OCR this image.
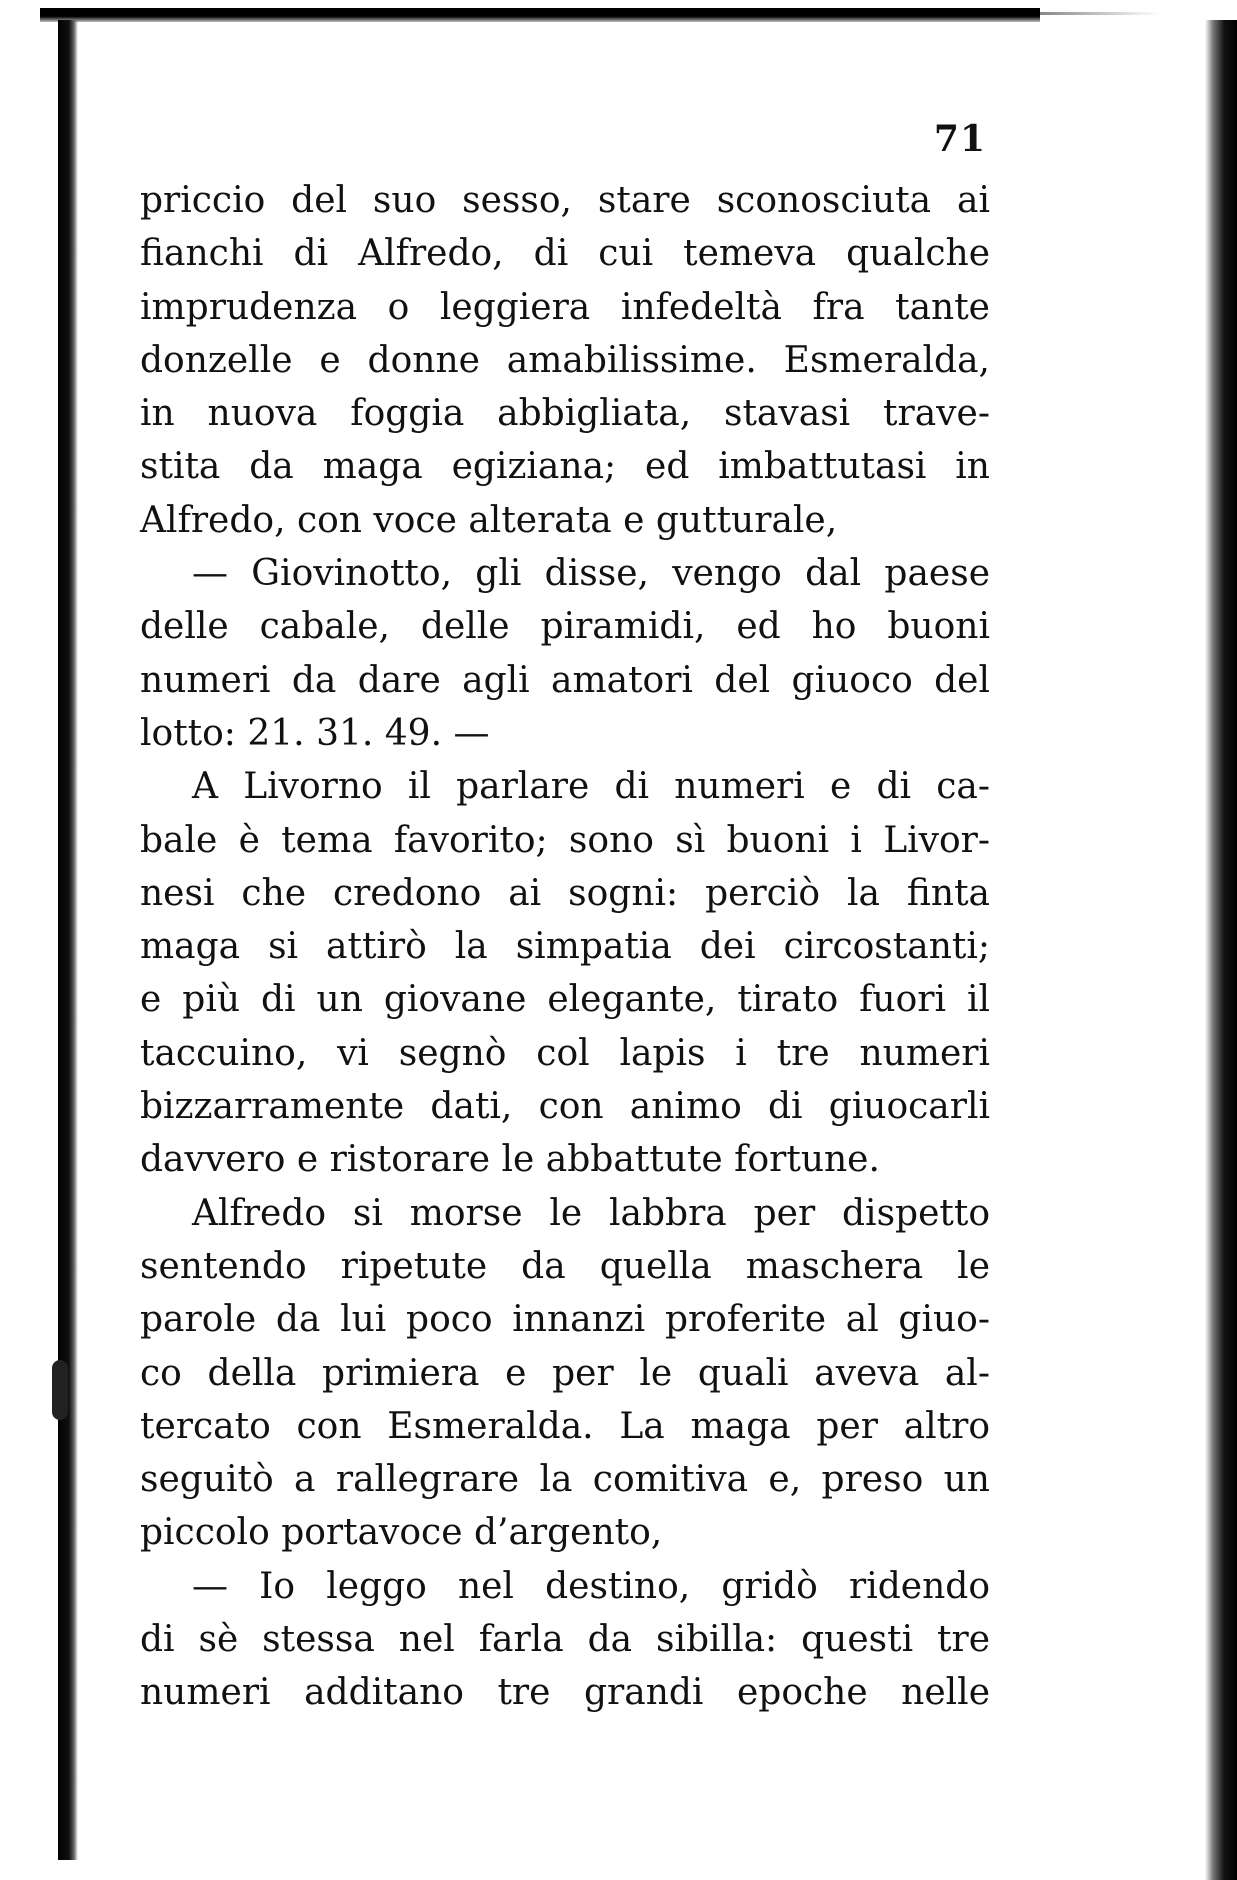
71
priccio del suo sesso, stare sconosciuta ai
fianchi di Alfredo, di cui temeva qualche
imprudenza o leggiera infedeltà fra tante
donzelle e donne amabilissime. Esmeralda,
in nuova foggia abbigliata, stavasi trave-
stita da maga egiziana; ed imbattutasi in
Alfredo, con voce alterata e gutturale,
— Giovinotto, gli disse, vengo dal paese
delle cabale, delle piramidi, ed ho buoni
numeri da dare agli amatori del giuoco del
lotto: 21. 31. 49. —
A Livorno il parlare di numeri e di ca-
bale è tema favorito; sono sì buoni i Livor-
nesi che credono ai sogni: perciò la finta
maga si attirò la simpatia dei circostanti;
e più di un giovane elegante, tirato fuori il
taccuino, vi segnò col lapis i tre numeri
bizzarramente dati, con animo di giuocarli
davvero e ristorare le abbattute fortune.
Alfredo si morse le labbra per dispetto
sentendo ripetute da quella maschera le
parole da lui poco innanzi proferite al giuo-
co della primiera e per le quali aveva al-
tercato con Esmeralda. La maga per altro
seguitò a rallegrare la comitiva e, preso un
piccolo portavoce d’argento,
— Io leggo nel destino, gridò ridendo
di sè stessa nel farla da sibilla: questi tre
numeri additano tre grandi epoche nelle
